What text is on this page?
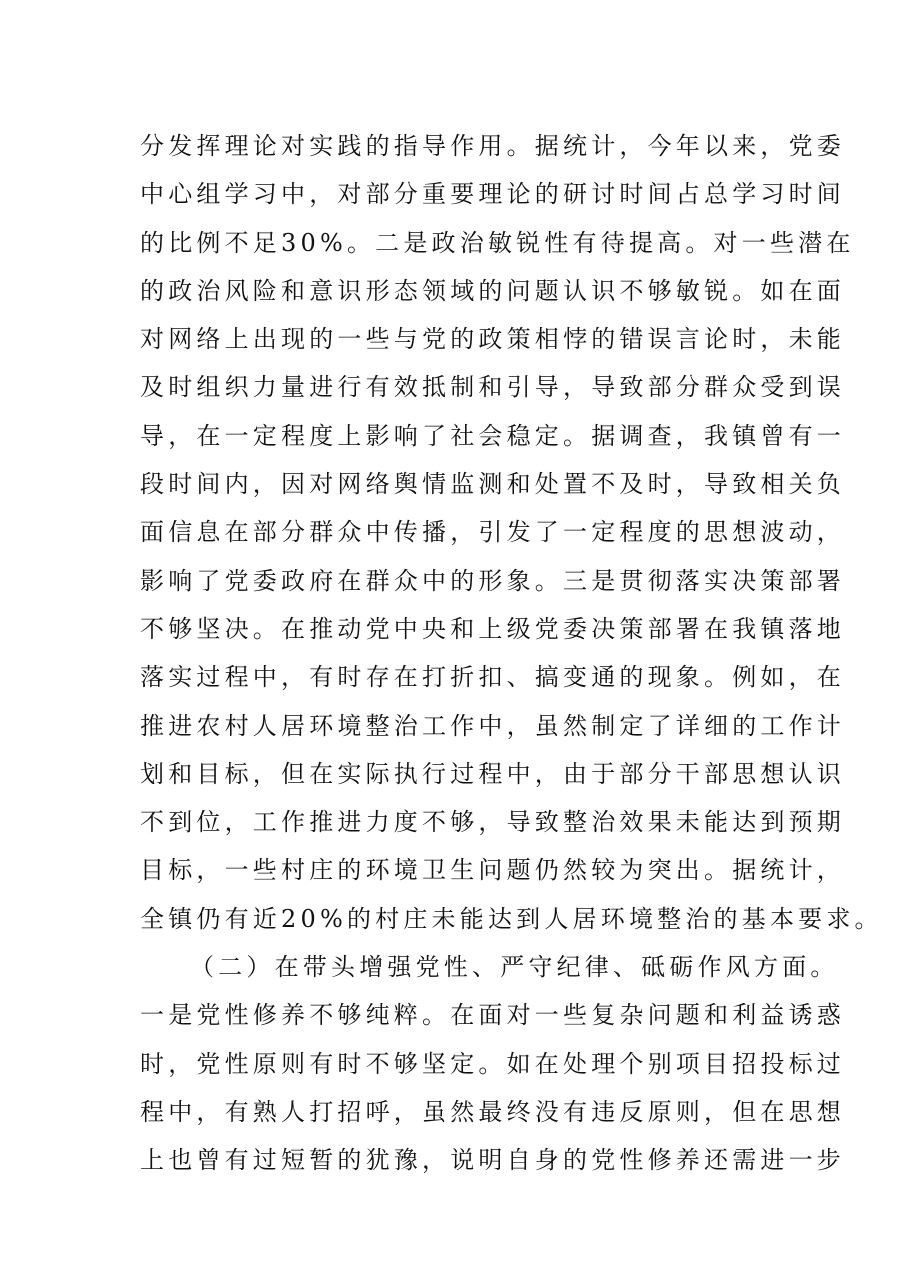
分发挥理论对实践的指导作用。据统计，今年以来，党委
中心组学习中，对部分重要理论的研讨时间占总学习时间
的比例不足30%。二是政治敏锐性有待提高。对一些潜在
的政治风险和意识形态领域的问题认识不够敏锐。如在面
对网络上出现的一些与党的政策相悖的错误言论时，未能
及时组织力量进行有效抵制和引导，导致部分群众受到误
导，在一定程度上影响了社会稳定。据调查，我镇曾有一
段时间内，因对网络舆情监测和处置不及时，导致相关负
面信息在部分群众中传播，引发了一定程度的思想波动，
影响了党委政府在群众中的形象。三是贯彻落实决策部署
不够坚决。在推动党中央和上级党委决策部署在我镇落地
落实过程中，有时存在打折扣、搞变通的现象。例如，在
推进农村人居环境整治工作中，虽然制定了详细的工作计
划和目标，但在实际执行过程中，由于部分干部思想认识
不到位，工作推进力度不够，导致整治效果未能达到预期
目标，一些村庄的环境卫生问题仍然较为突出。据统计，
全镇仍有近20%的村庄未能达到人居环境整治的基本要求。
（二）在带头增强党性、严守纪律、砥砺作风方面。
一是党性修养不够纯粹。在面对一些复杂问题和利益诱惑
时，党性原则有时不够坚定。如在处理个别项目招投标过
程中，有熟人打招呼，虽然最终没有违反原则，但在思想
上也曾有过短暂的犹豫，说明自身的党性修养还需进一步
